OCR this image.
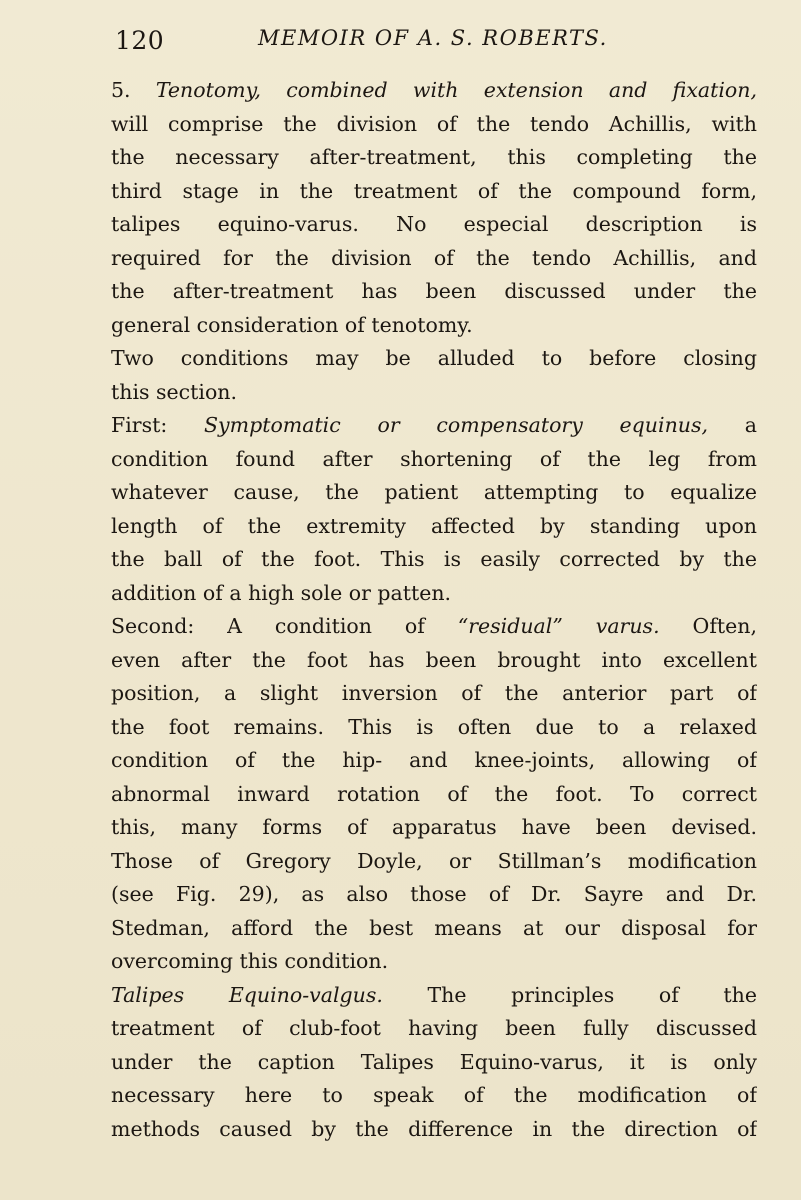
120	MEMOIR OF A. S. ROBERTS.
5. Tenotomy, combined with extension and fixation,
will comprise the division of the tendo Achillis, with
the necessary after-treatment, this completing the
third stage in the treatment of the compound form,
talipes equino-varus. No especial description is
required for the division of the tendo Achillis, and
the after-treatment has been discussed under the
general consideration of tenotomy.
Two conditions may be alluded to before closing
this section.
First: Symptomatic or compensatory equinus, a
condition found after shortening of the leg from
whatever cause, the patient attempting to equalize
length of the extremity affected by standing upon
the ball of the foot. This is easily corrected by the
addition of a high sole or patten.
Second: A condition of “residual” varus. Often,
even after the foot has been brought into excellent
position, a slight inversion of the anterior part of
the foot remains. This is often due to a relaxed
condition of the hip- and knee-joints, allowing of
abnormal inward rotation of the foot. To correct
this, many forms of apparatus have been devised.
Those of Gregory Doyle, or Stillman’s modification
(see Fig. 29), as also those of Dr. Sayre and Dr.
Stedman, afford the best means at our disposal for
overcoming this condition.
Talipes Equino-valgus. The principles of the
treatment of club-foot having been fully discussed
under the caption Talipes Equino-varus, it is only
necessary here to speak of the modification of
methods caused by the difference in the direction of
